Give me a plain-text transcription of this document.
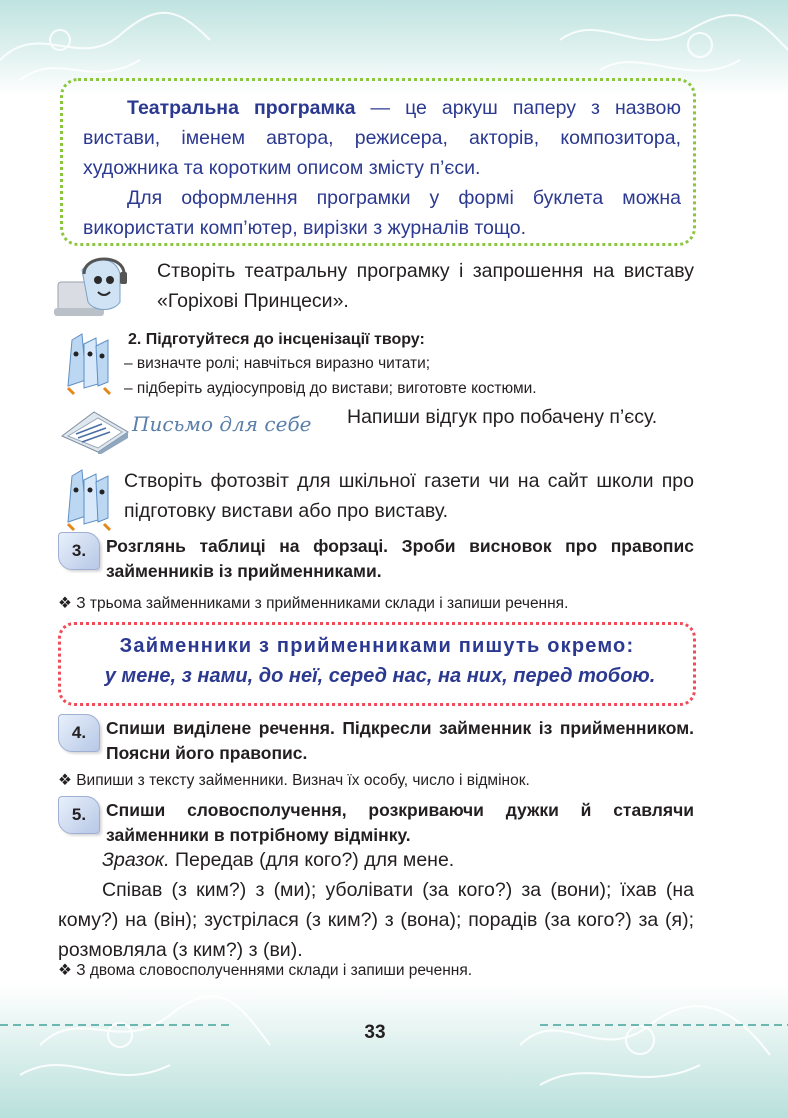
Театральна програмка — це аркуш паперу з назвою вистави, іменем автора, режисера, акторів, композитора, художника та коротким описом змісту п’єси.

Для оформлення програмки у формі буклета можна використати комп’ютер, вирізки з журналів тощо.

Створіть театральну програмку і запрошення на виставу «Горіхові Принцеси».
2. Підготуйтеся до інсценізації твору:
– визначте ролі; навчіться виразно читати;
– підберіть аудіосупровід до вистави; виготовте костюми.
Письмо для себе	Напиши відгук про побачену п’єсу.
Створіть фотозвіт для шкільної газети чи на сайт школи про підготовку вистави або про виставу.
3.	Розглянь таблиці на форзаці. Зроби висновок про правопис займенників із прийменниками.
❖ З трьома займенниками з прийменниками склади і запиши речення.
Займенники з прийменниками пишуть окремо:
у мене, з нами, до неї, серед нас, на них, перед тобою.
4.	Спиши виділене речення. Підкресли займенник із прийменником. Поясни його правопис.
❖ Випиши з тексту займенники. Визнач їх особу, число і відмінок.
5.	Спиши словосполучення, розкриваючи дужки й ставлячи займенники в потрібному відмінку.
Зразок. Передав (для кого?) для мене.
Співав (з ким?) з (ми); уболівати (за кого?) за (вони); їхав (на кому?) на (він); зустрілася (з ким?) з (вона); порадів (за кого?) за (я); розмовляла (з ким?) з (ви).
❖ З двома словосполученнями склади і запиши речення.
33
